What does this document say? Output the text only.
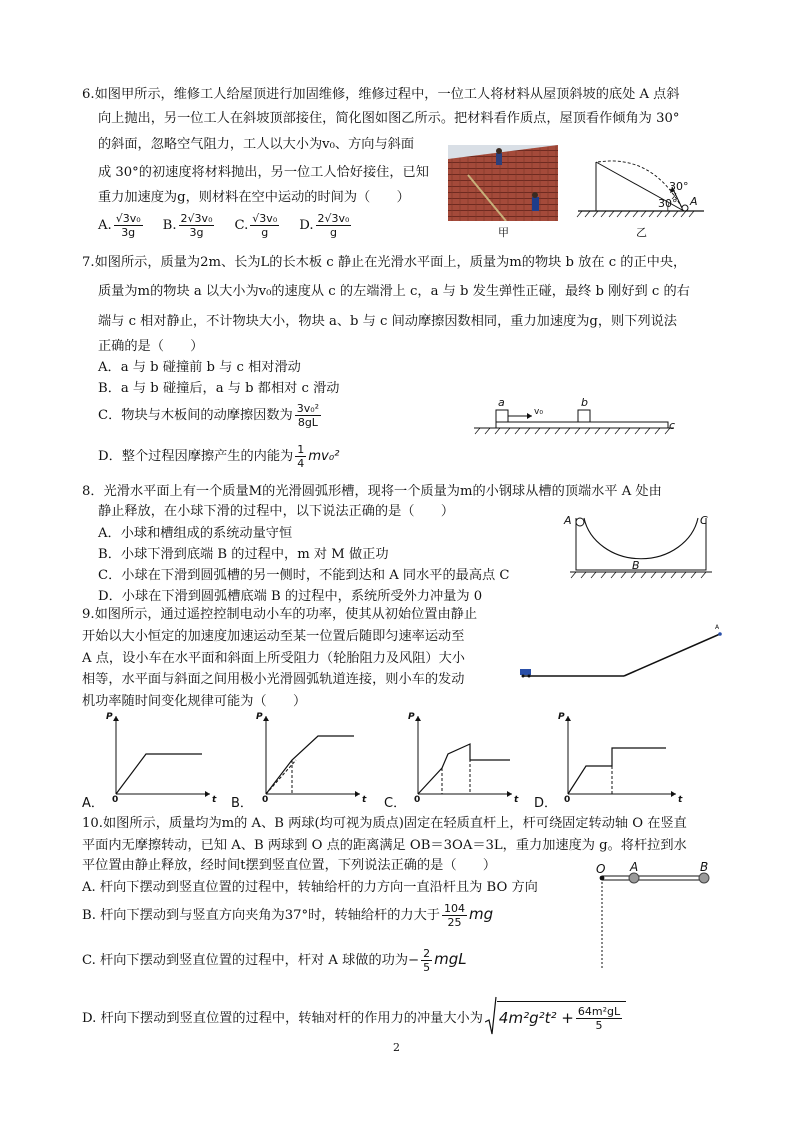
6.如图甲所示，维修工人给屋顶进行加固维修，维修过程中，一位工人将材料从屋顶斜坡的底处 A 点斜
向上抛出，另一位工人在斜坡顶部接住，简化图如图乙所示。把材料看作质点，屋顶看作倾角为 30°
的斜面，忽略空气阻力，工人以大小为v₀、方向与斜面
成 30°的初速度将材料抛出，另一位工人恰好接住，已知
重力加速度为g，则材料在空中运动的时间为（　　）
A. $\frac{\text{√3v₀}}{3g} B$. $\frac{\text{2√3v₀}}{3g} C$. $\frac{\text{√3v₀}}{g} D$. $\frac{\text{2√3v₀}}{g}$	甲
30°
30° A
乙
7.如图所示，质量为2m、长为L的长木板 c 静止在光滑水平面上，质量为m的物块 b 放在 c 的正中央，
质量为m的物块 a 以大小为v₀的速度从 c 的左端滑上 c，a 与 b 发生弹性正碰，最终 b 刚好到 c 的右
端与 c 相对静止，不计物块大小，物块 a、b 与 c 间动摩擦因数相同，重力加速度为g，则下列说法
正确的是（　　）
A．a 与 b 碰撞前 b 与 c 相对滑动
B．a 与 b 碰撞后，a 与 b 都相对 c 滑动
C．物块与木板间的动摩擦因数为 $\frac{\text{3v₀²}}{8gL}$
D．整个过程因摩擦产生的内能为 $\frac{1}{4} mv_0^2$
a	b
c
v₀
8．光滑水平面上有一个质量M的光滑圆弧形槽，现将一个质量为m的小钢球从槽的顶端水平 A 处由
静止释放，在小球下滑的过程中，以下说法正确的是（　　）
A．小球和槽组成的系统动量守恒
B．小球下滑到底端 B 的过程中，m 对 M 做正功
C．小球在下滑到圆弧槽的另一侧时，不能到达和 A 同水平的最高点 C
D．小球在下滑到圆弧槽底端 B 的过程中，系统所受外力冲量为 0
A
B
C
9.如图所示，通过遥控控制电动小车的功率，使其从初始位置由静止
开始以大小恒定的加速度加速运动至某一位置后随即匀速率运动至
A 点，设小车在水平面和斜面上所受阻力（轮胎阻力及风阻）大小
相等，水平面与斜面之间用极小光滑圆弧轨道连接，则小车的发动
机功率随时间变化规律可能为（　　）
A
A．	B．	C．	D．
P	P	P	P
0	0	0	0
t	t	t	t
10.如图所示，质量均为m的 A、B 两球(均可视为质点)固定在轻质直杆上，杆可绕固定转动轴 O 在竖直
平面内无摩擦转动，已知 A、B 两球到 O 点的距离满足 OB＝3OA＝3L，重力加速度为 g。将杆拉到水
平位置由静止释放，经时间t摆到竖直位置，下列说法正确的是（　　）
A. 杆向下摆动到竖直位置的过程中，转轴给杆的力方向一直沿杆且为 BO 方向
B. 杆向下摆动到与竖直方向夹角为37°时，转轴给杆的力大于 $\frac{104}{25}$ mg
C. 杆向下摆动到竖直位置的过程中，杆对 A 球做的功为− $\frac{2}{5}$ mgL
D. 杆向下摆动到竖直位置的过程中，转轴对杆的作用力的冲量大小为 $4m^2g^2t^2 + \frac{\text{64m²gL}}{5}$
O A	B
2
